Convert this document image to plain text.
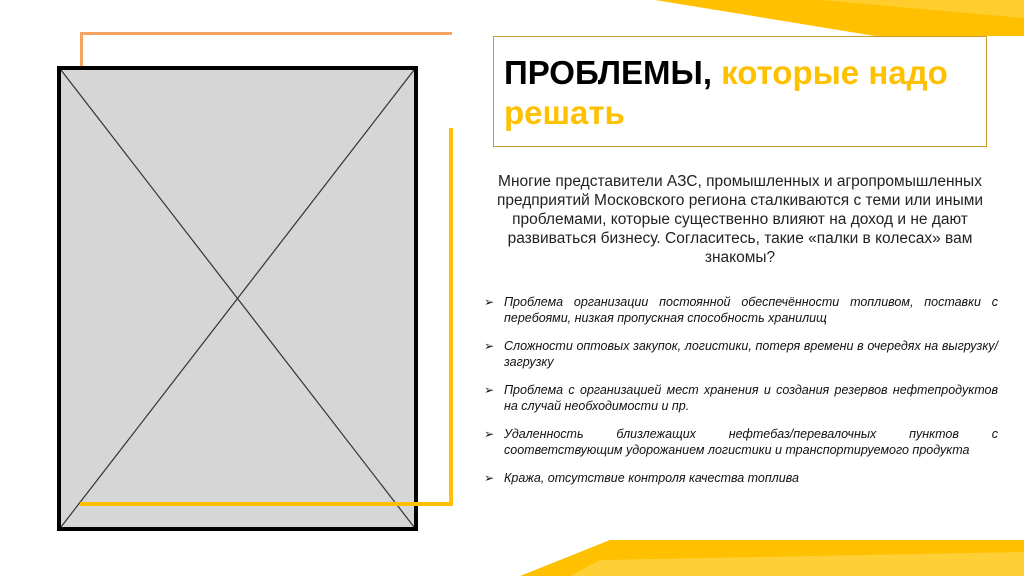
ПРОБЛЕМЫ, которые надо решать
Многие представители АЗС, промышленных и агропромышленных предприятий Московского региона сталкиваются с теми или иными проблемами, которые существенно влияют на доход и не дают развиваться бизнесу. Согласитесь, такие «палки в колесах» вам знакомы?
➢ Проблема организации постоянной обеспечённости топливом, поставки с перебоями, низкая пропускная способность хранилищ
➢ Сложности оптовых закупок, логистики, потеря времени в очередях на выгрузку/загрузку
➢ Проблема с организацией мест хранения и создания резервов нефтепродуктов на случай необходимости и пр.
➢ Удаленность близлежащих нефтебаз/перевалочных пунктов с соответствующим удорожанием логистики и транспортируемого продукта
➢ Кража, отсутствие контроля качества топлива
